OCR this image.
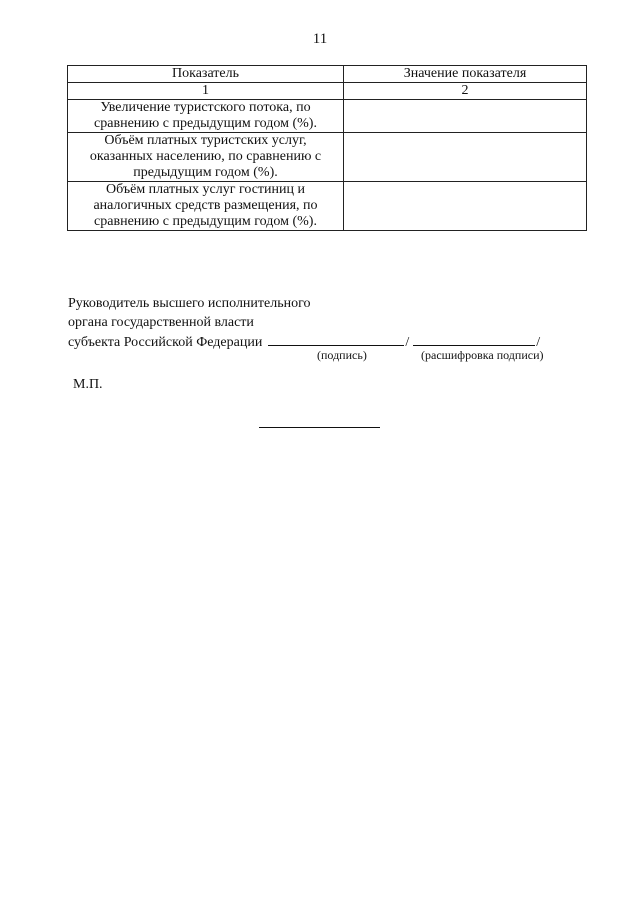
11
Показатель	Значение показателя
1	2
Увеличение туристского потока, по сравнению с предыдущим годом (%).	
Объём платных туристских услуг, оказанных населению, по сравнению с предыдущим годом (%).	
Объём платных услуг гостиниц и аналогичных средств размещения, по сравнению с предыдущим годом (%).	
Руководитель высшего исполнительного
органа государственной власти
субъекта Российской Федерации	/	/
(подпись)	(расшифровка подписи)
М.П.
